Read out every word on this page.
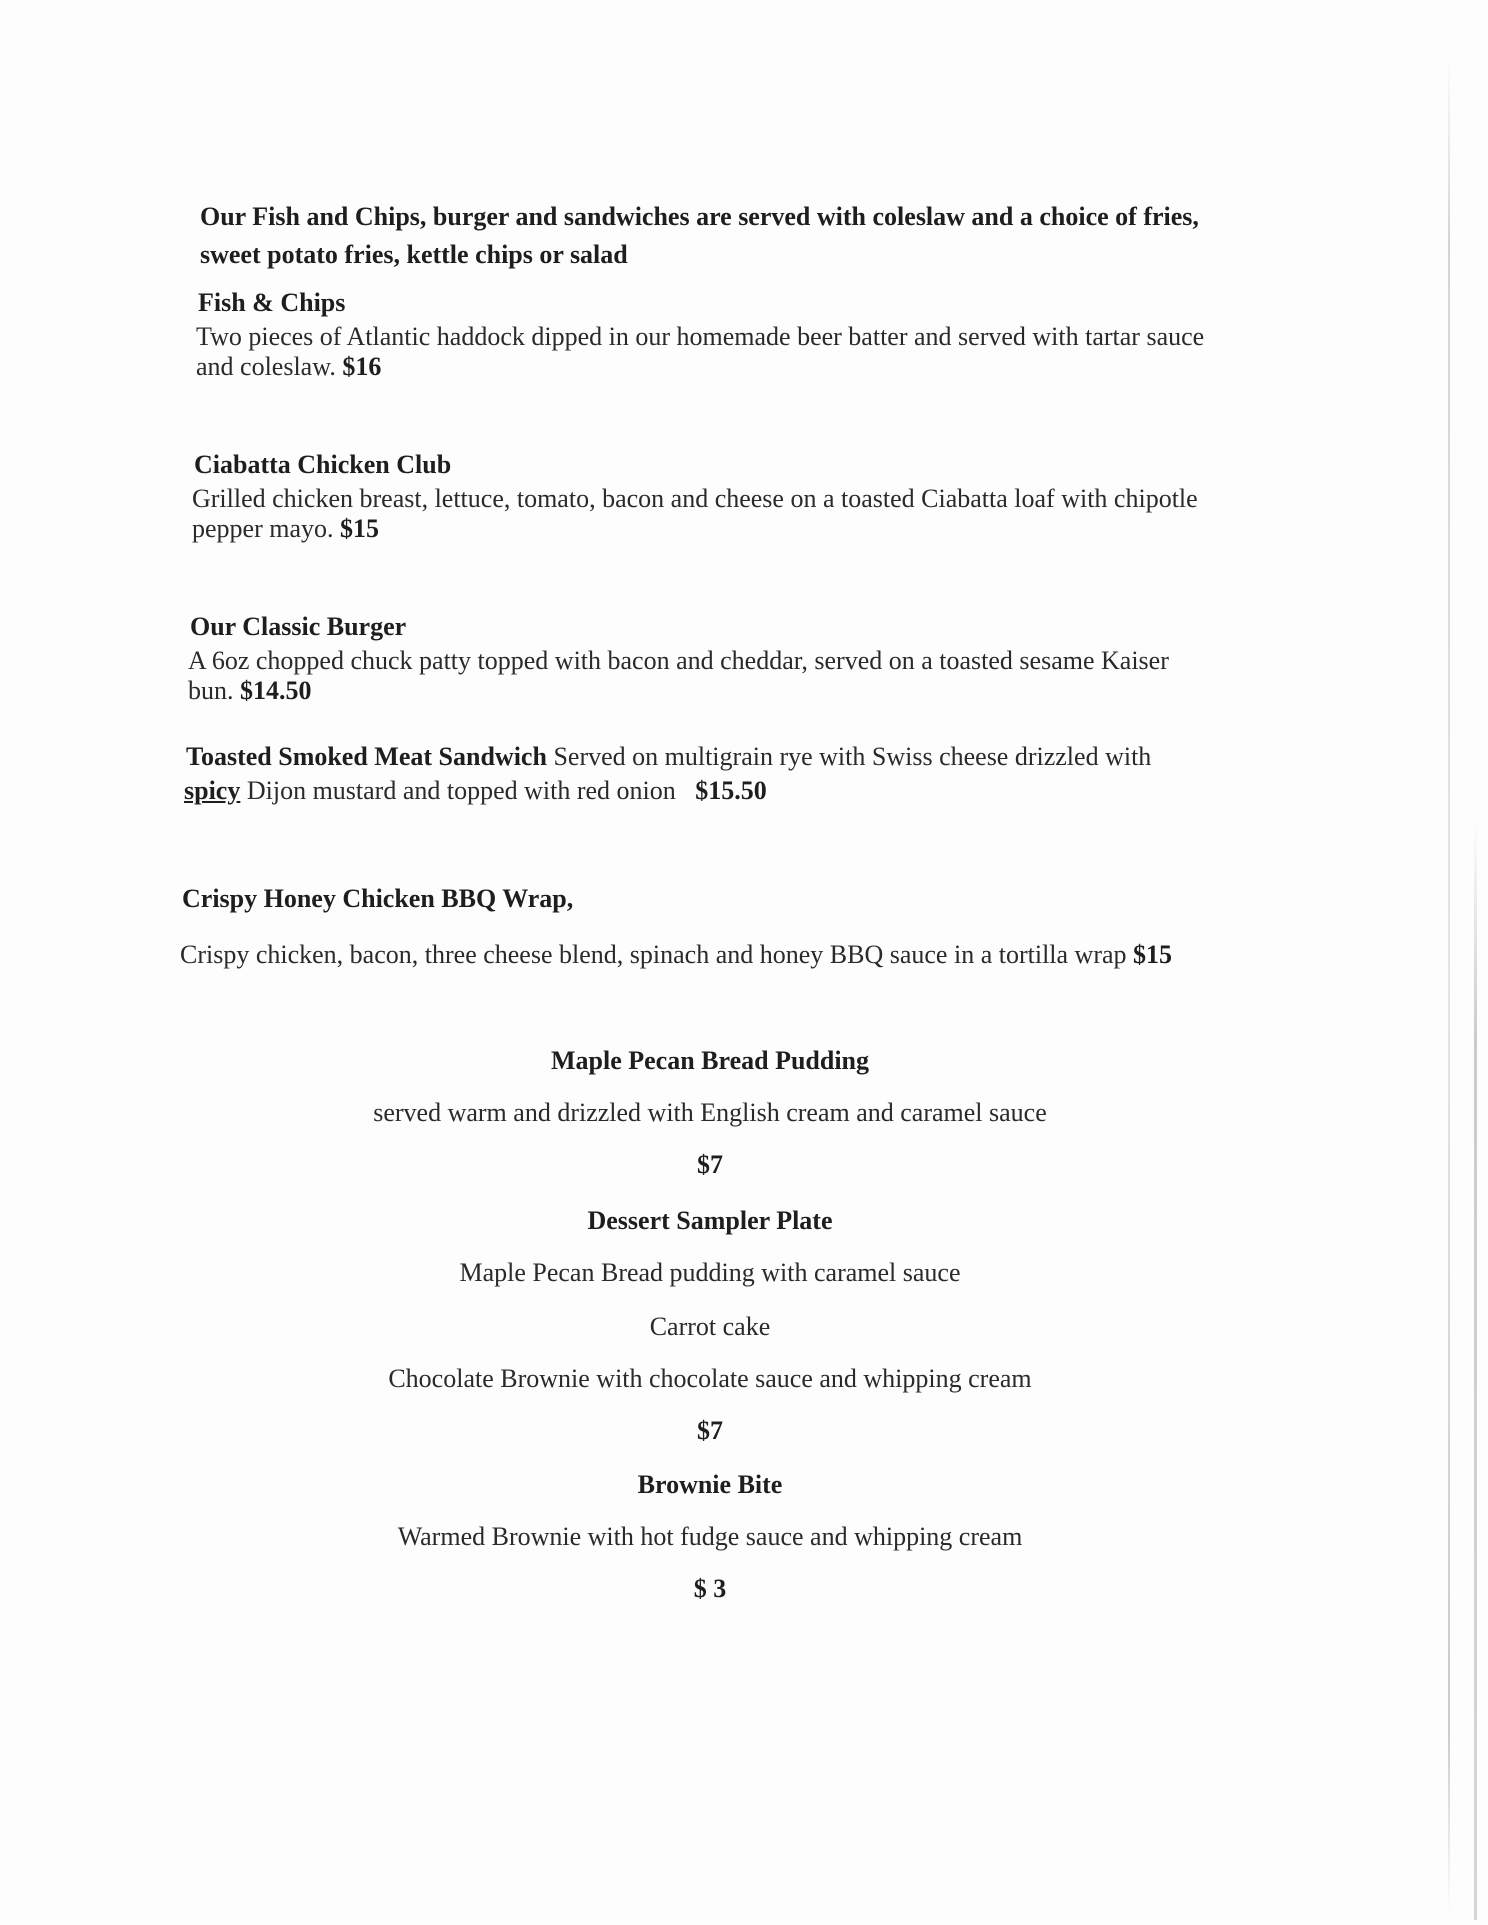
Our Fish and Chips, burger and sandwiches are served with coleslaw and a choice of fries,
sweet potato fries, kettle chips or salad
Fish & Chips
Two pieces of Atlantic haddock dipped in our homemade beer batter and served with tartar sauce
and coleslaw. $16
Ciabatta Chicken Club
Grilled chicken breast, lettuce, tomato, bacon and cheese on a toasted Ciabatta loaf with chipotle
pepper mayo. $15
Our Classic Burger
A 6oz chopped chuck patty topped with bacon and cheddar, served on a toasted sesame Kaiser
bun. $14.50
Toasted Smoked Meat Sandwich Served on multigrain rye with Swiss cheese drizzled with
spicy Dijon mustard and topped with red onion $15.50
Crispy Honey Chicken BBQ Wrap,
Crispy chicken, bacon, three cheese blend, spinach and honey BBQ sauce in a tortilla wrap $15
Maple Pecan Bread Pudding
served warm and drizzled with English cream and caramel sauce
$7
Dessert Sampler Plate
Maple Pecan Bread pudding with caramel sauce
Carrot cake
Chocolate Brownie with chocolate sauce and whipping cream
$7
Brownie Bite
Warmed Brownie with hot fudge sauce and whipping cream
$ 3
